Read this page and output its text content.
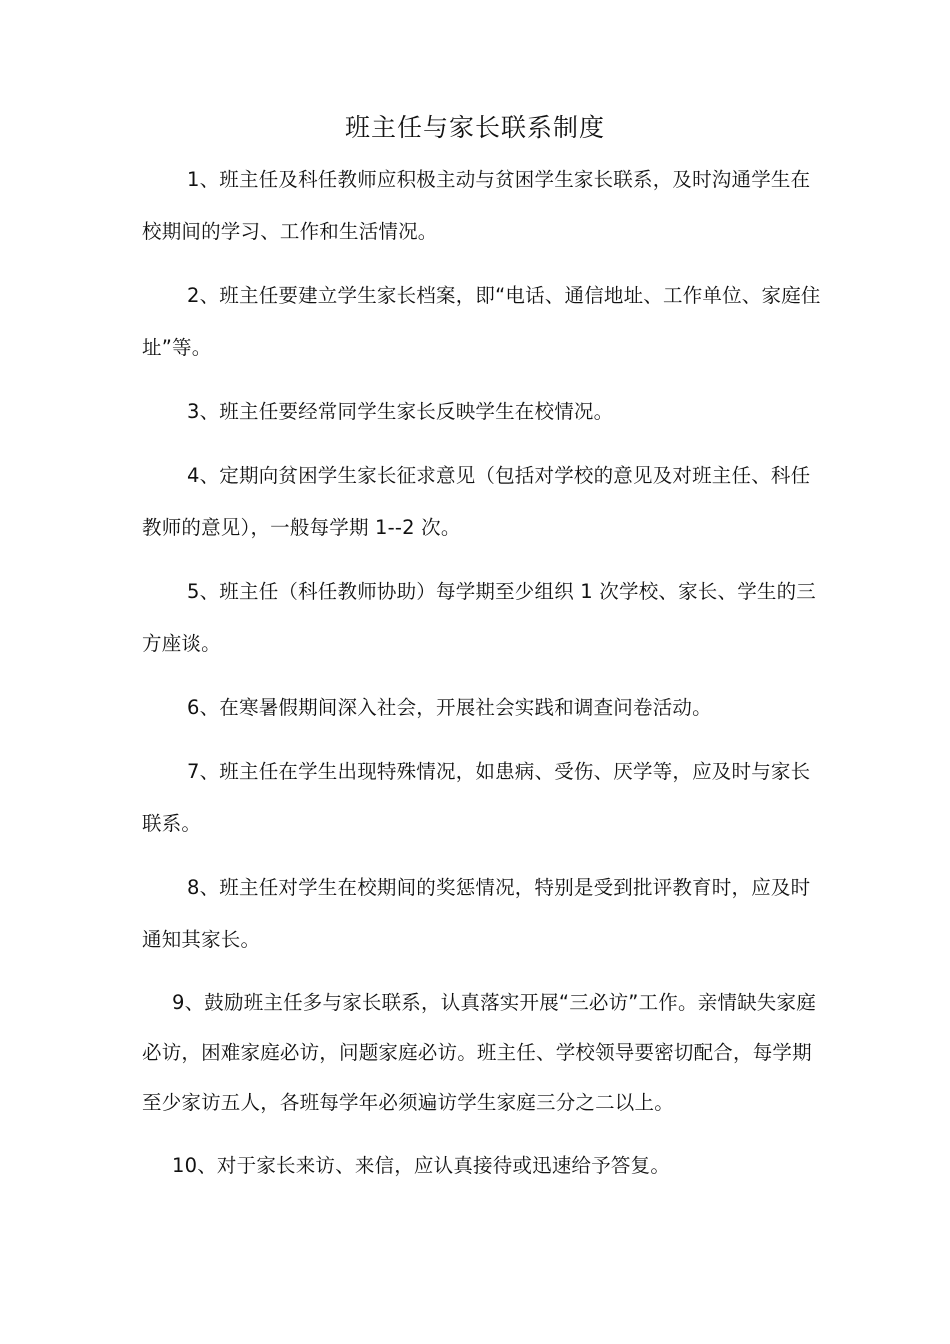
班主任与家长联系制度

1、班主任及科任教师应积极主动与贫困学生家长联系，及时沟通学生在校期间的学习、工作和生活情况。

2、班主任要建立学生家长档案，即“电话、通信地址、工作单位、家庭住址”等。

3、班主任要经常同学生家长反映学生在校情况。

4、定期向贫困学生家长征求意见（包括对学校的意见及对班主任、科任教师的意见），一般每学期 1--2 次。

5、班主任（科任教师协助）每学期至少组织 1 次学校、家长、学生的三方座谈。

6、在寒暑假期间深入社会，开展社会实践和调查问卷活动。

7、班主任在学生出现特殊情况，如患病、受伤、厌学等，应及时与家长联系。

8、班主任对学生在校期间的奖惩情况，特别是受到批评教育时，应及时通知其家长。

9、鼓励班主任多与家长联系，认真落实开展“三必访”工作。亲情缺失家庭必访，困难家庭必访，问题家庭必访。班主任、学校领导要密切配合，每学期至少家访五人，各班每学年必须遍访学生家庭三分之二以上。

10、对于家长来访、来信，应认真接待或迅速给予答复。
